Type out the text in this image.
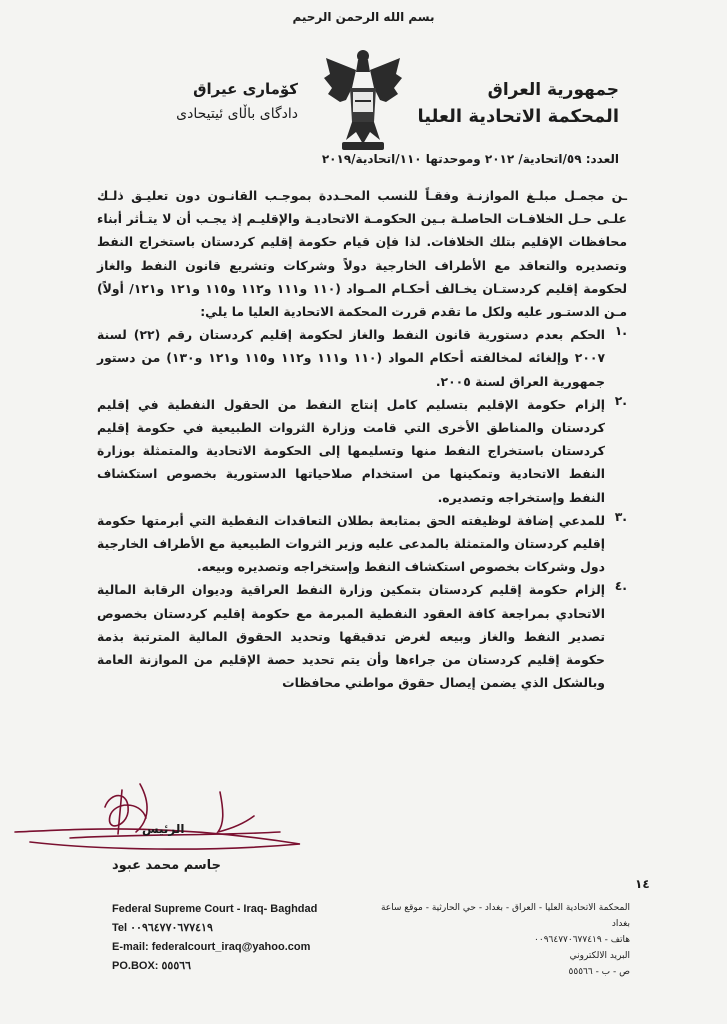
بسم الله الرحمن الرحيم
جمهورية العراق
المحكمة الاتحادية العليا
كۆماری عیراق
دادگای باڵای ئیتیحادی
العدد: ٥٩/اتحادية/ ٢٠١٢ وموحدتها ١١٠/اتحادية/٢٠١٩
ـن مجمـل مبلـغ الموازنـة وفقـاً للنسب المحـددة بموجـب القانـون دون تعليـق ذلـك علـى حـل الخلافـات الحاصلـة بـين الحكومـة الاتحاديـة والإقليـم إذ يجـب أن لا يتـأثر أبناء محافظات الإقليم بتلك الخلافات. لذا فإن قيام حكومة إقليم كردستان باستخراج النفط وتصديره والتعاقد مع الأطراف الخارجية دولاً وشركات وتشريع قانون النفط والغاز لحكومة إقليم كردستـان يخـالف أحكـام المـواد (١١٠ و١١١ و١١٢ و١١٥ و١٢١ و١٢١/ أولاً) مـن الدستـور عليه ولكل ما تقدم قررت المحكمة الاتحادية العليا ما يلي:
١.
الحكم بعدم دستورية قانون النفط والغاز لحكومة إقليم كردستان رقم (٢٢) لسنة ٢٠٠٧ وإلغائه لمخالفته أحكام المواد (١١٠ و١١١ و١١٢ و١١٥ و١٢١ و١٣٠) من دستور جمهورية العراق لسنة ٢٠٠٥.
٢.
إلزام حكومة الإقليم بتسليم كامل إنتاج النفط من الحقول النفطية في إقليم كردستان والمناطق الأخرى التي قامت وزارة الثروات الطبيعية في حكومة إقليم كردستان باستخراج النفط منها وتسليمها إلى الحكومة الاتحادية والمتمثلة بوزارة النفط الاتحادية وتمكينها من استخدام صلاحياتها الدستورية بخصوص استكشاف النفط وإستخراجه وتصديره.
٣.
للمدعي إضافة لوظيفته الحق بمتابعة بطلان التعاقدات النفطية التي أبرمتها حكومة إقليم كردستان والمتمثلة بالمدعى عليه وزير الثروات الطبيعية مع الأطراف الخارجية دول وشركات بخصوص استكشاف النفط وإستخراجه وتصديره وبيعه.
٤.
إلزام حكومة إقليم كردستان بتمكين وزارة النفط العراقية وديوان الرقابة المالية الاتحادي بمراجعة كافة العقود النفطية المبرمة مع حكومة إقليم كردستان بخصوص تصدير النفط والغاز وبيعه لغرض تدقيقها وتحديد الحقوق المالية المترتبة بذمة حكومة إقليم كردستان من جراءها وأن يتم تحديد حصة الإقليم من الموازنة العامة وبالشكل الذي يضمن إيصال حقوق مواطني محافظات
الرئيس
جاسم محمد عبود
١٤
Federal Supreme Court - Iraq- Baghdad
Tel ٠٠٩٦٤٧٧٠٦٧٧٤١٩
E-mail: federalcourt_iraq@yahoo.com
PO.BOX: ٥٥٥٦٦
المحكمة الاتحادية العليا - العراق - بغداد - حي الحارثية - موقع ساعة بغداد
هاتف - ٠٠٩٦٤٧٧٠٦٧٧٤١٩
البريد الالكتروني
ص - ب - ٥٥٥٦٦
